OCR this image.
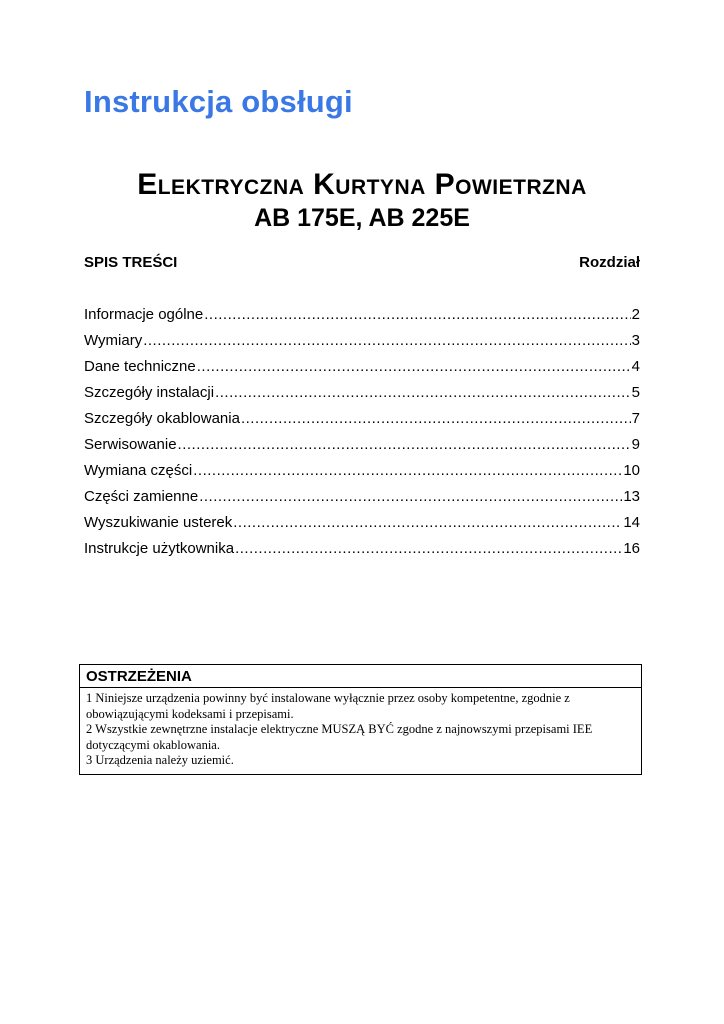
Instrukcja obsługi
Elektryczna Kurtyna Powietrzna
AB 175E, AB 225E
SPIS TREŚCI	Rozdział
Informacje ogólne .....	2
Wymiary .....	3
Dane techniczne .....	4
Szczegóły instalacji .....	5
Szczegóły okablowania .....	7
Serwisowanie .....	9
Wymiana części .....	10
Części zamienne .....	13
Wyszukiwanie usterek .....	14
Instrukcje użytkownika .....	16
OSTRZEŻENIA

1 Niniejsze urządzenia powinny być instalowane wyłącznie przez osoby kompetentne, zgodnie z obowiązującymi kodeksami i przepisami.

2 Wszystkie zewnętrzne instalacje elektryczne MUSZĄ BYĆ zgodne z najnowszymi przepisami IEE dotyczącymi okablowania.

3 Urządzenia należy uziemić.
